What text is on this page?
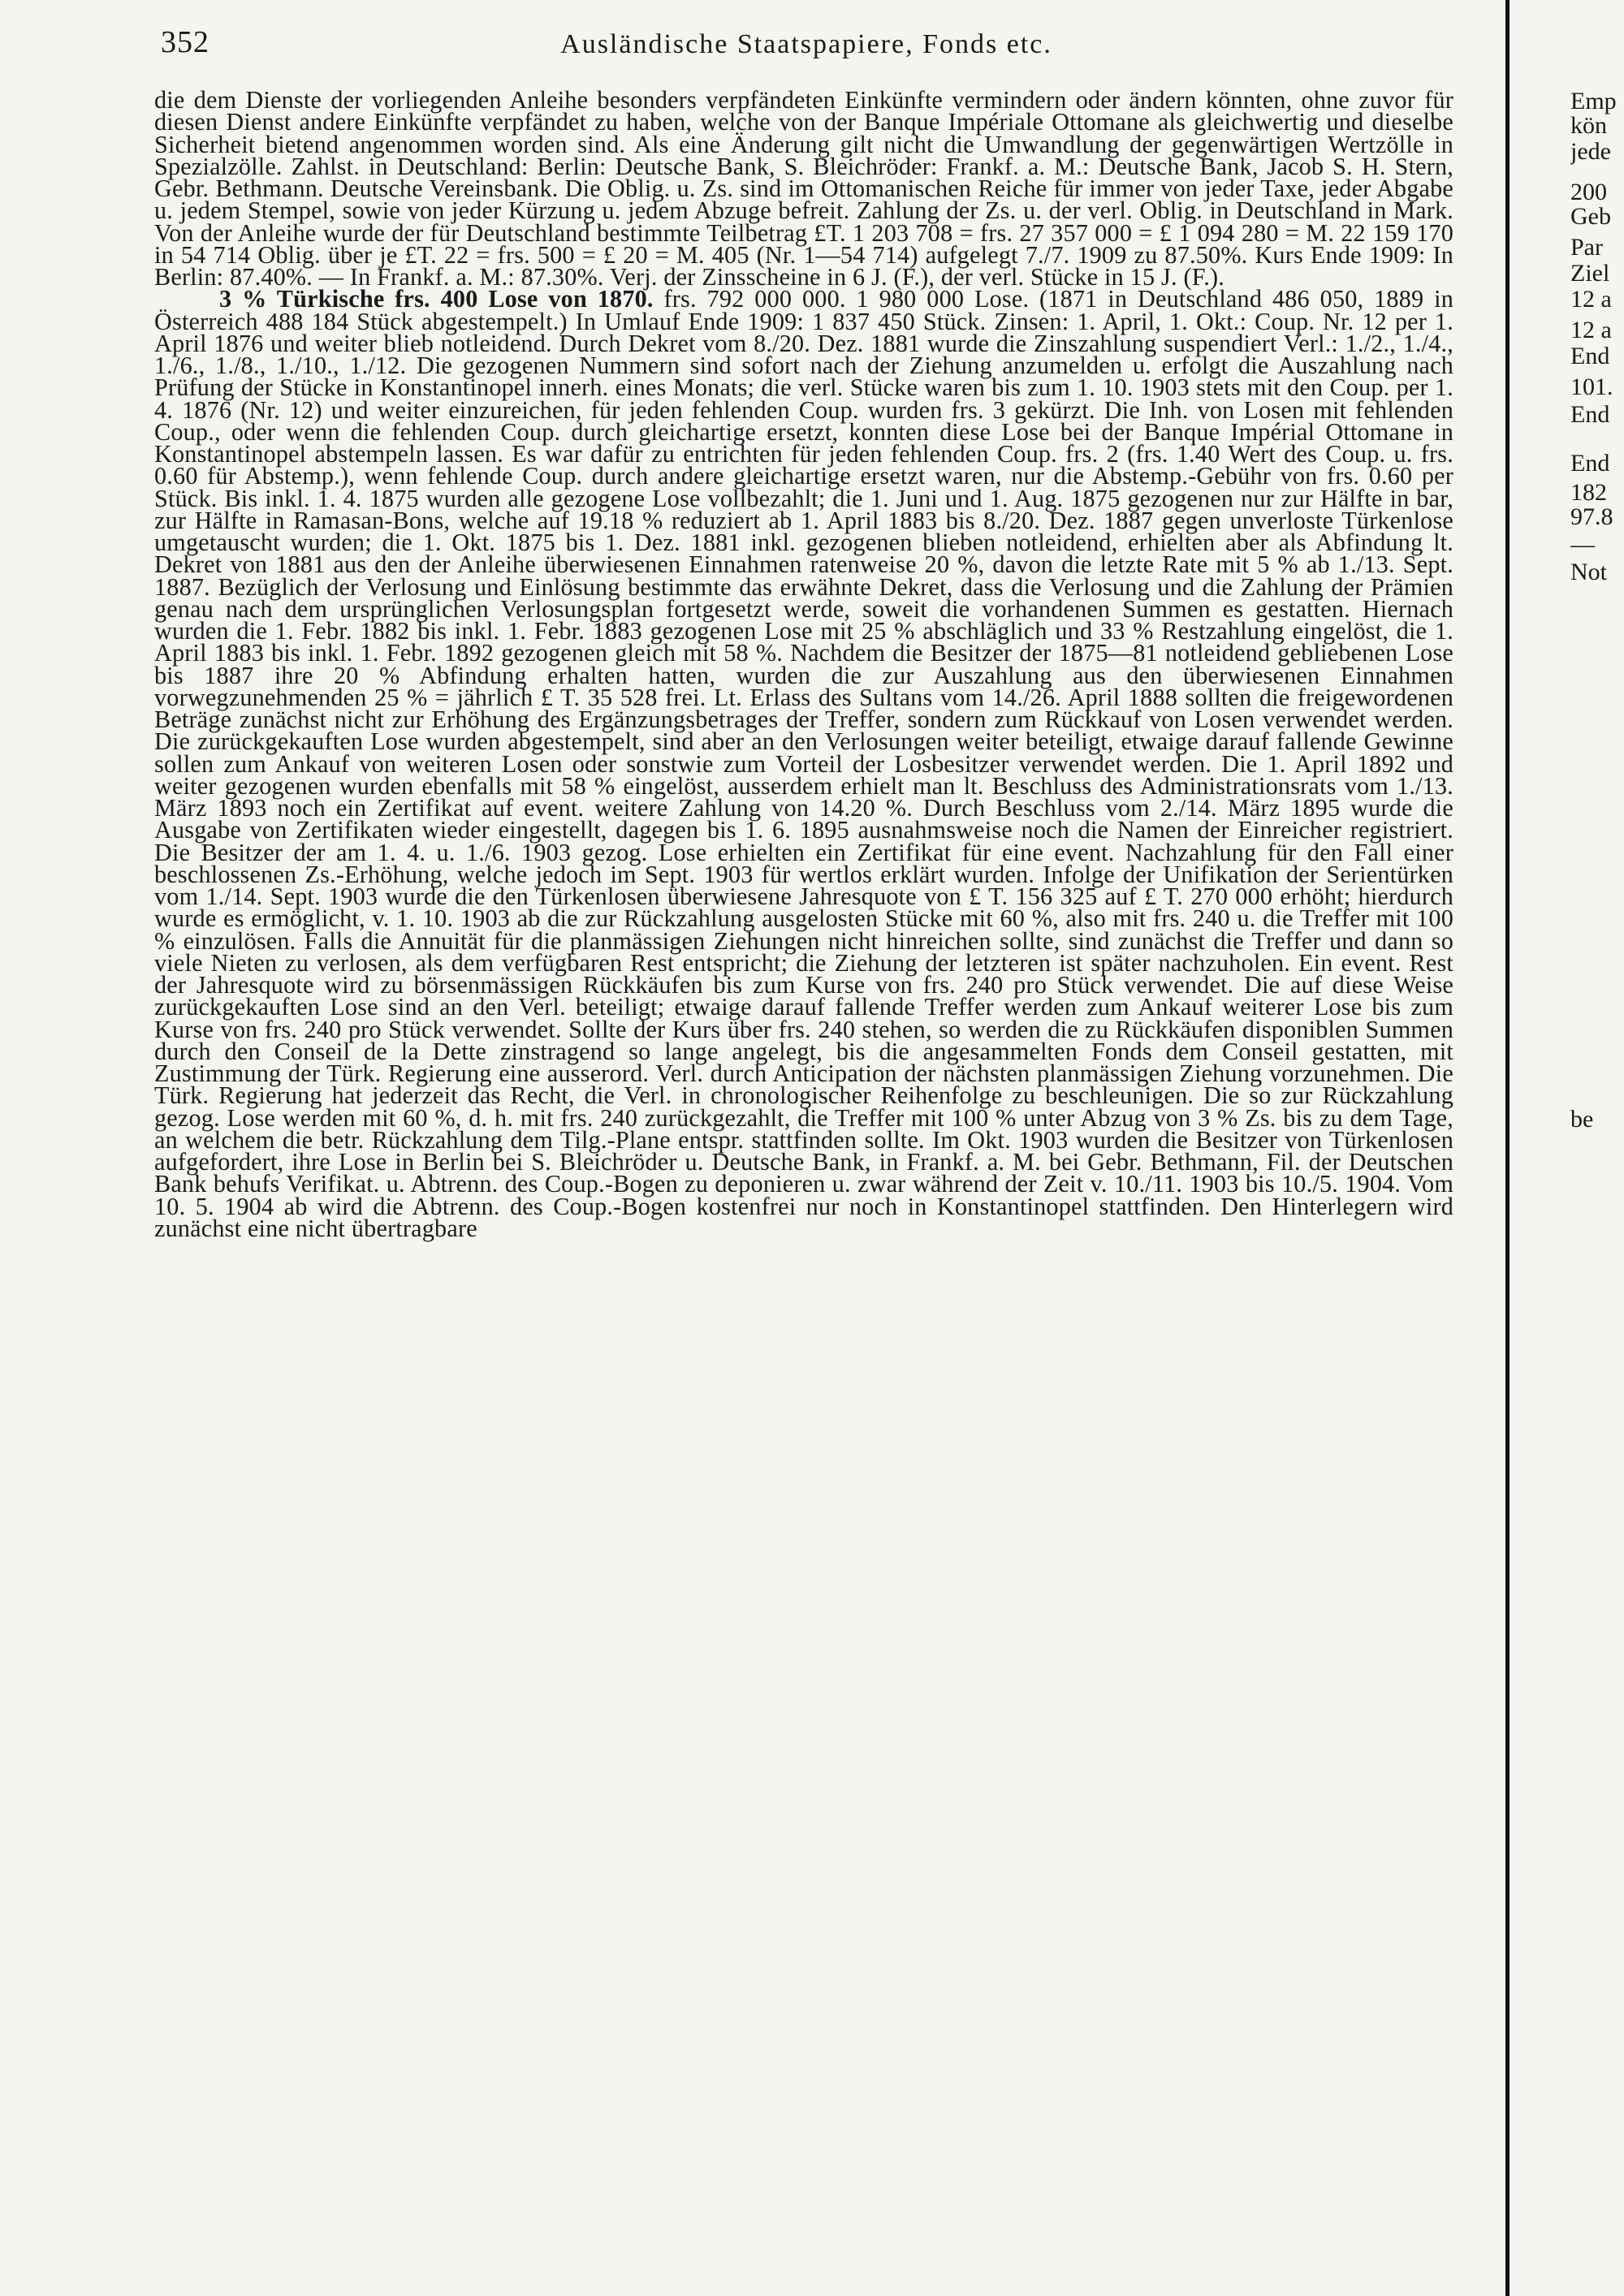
352	Ausländische Staatspapiere, Fonds etc.

die dem Dienste der vorliegenden Anleihe besonders verpfändeten Einkünfte vermindern oder ändern könnten, ohne zuvor für diesen Dienst andere Einkünfte verpfändet zu haben, welche von der Banque Impériale Ottomane als gleichwertig und dieselbe Sicherheit bietend angenommen worden sind. Als eine Änderung gilt nicht die Umwandlung der gegenwärtigen Wertzölle in Spezialzölle. Zahlst. in Deutschland: Berlin: Deutsche Bank, S. Bleichröder: Frankf. a. M.: Deutsche Bank, Jacob S. H. Stern, Gebr. Bethmann. Deutsche Vereinsbank. Die Oblig. u. Zs. sind im Ottomanischen Reiche für immer von jeder Taxe, jeder Abgabe u. jedem Stempel, sowie von jeder Kürzung u. jedem Abzuge befreit. Zahlung der Zs. u. der verl. Oblig. in Deutschland in Mark. Von der Anleihe wurde der für Deutschland bestimmte Teilbetrag £T. 1 203 708 = frs. 27 357 000 = £ 1 094 280 = M. 22 159 170 in 54 714 Oblig. über je £T. 22 = frs. 500 = £ 20 = M. 405 (Nr. 1—54 714) aufgelegt 7./7. 1909 zu 87.50%. Kurs Ende 1909: In Berlin: 87.40%. — In Frankf. a. M.: 87.30%. Verj. der Zinsscheine in 6 J. (F.), der verl. Stücke in 15 J. (F.).

3 % Türkische frs. 400 Lose von 1870. frs. 792 000 000. 1 980 000 Lose. (1871 in Deutschland 486 050, 1889 in Österreich 488 184 Stück abgestempelt.) In Umlauf Ende 1909: 1 837 450 Stück. Zinsen: 1. April, 1. Okt.: Coup. Nr. 12 per 1. April 1876 und weiter blieb notleidend. Durch Dekret vom 8./20. Dez. 1881 wurde die Zinszahlung suspendiert Verl.: 1./2., 1./4., 1./6., 1./8., 1./10., 1./12. Die gezogenen Nummern sind sofort nach der Ziehung anzumelden u. erfolgt die Auszahlung nach Prüfung der Stücke in Konstantinopel innerh. eines Monats; die verl. Stücke waren bis zum 1. 10. 1903 stets mit den Coup. per 1. 4. 1876 (Nr. 12) und weiter einzureichen, für jeden fehlenden Coup. wurden frs. 3 gekürzt. Die Inh. von Losen mit fehlenden Coup., oder wenn die fehlenden Coup. durch gleichartige ersetzt, konnten diese Lose bei der Banque Impérial Ottomane in Konstantinopel abstempeln lassen. Es war dafür zu entrichten für jeden fehlenden Coup. frs. 2 (frs. 1.40 Wert des Coup. u. frs. 0.60 für Abstemp.), wenn fehlende Coup. durch andere gleichartige ersetzt waren, nur die Abstemp.-Gebühr von frs. 0.60 per Stück. Bis inkl. 1. 4. 1875 wurden alle gezogene Lose vollbezahlt; die 1. Juni und 1. Aug. 1875 gezogenen nur zur Hälfte in bar, zur Hälfte in Ramasan-Bons, welche auf 19.18 % reduziert ab 1. April 1883 bis 8./20. Dez. 1887 gegen unverloste Türkenlose umgetauscht wurden; die 1. Okt. 1875 bis 1. Dez. 1881 inkl. gezogenen blieben notleidend, erhielten aber als Abfindung lt. Dekret von 1881 aus den der Anleihe überwiesenen Einnahmen ratenweise 20 %, davon die letzte Rate mit 5 % ab 1./13. Sept. 1887. Bezüglich der Verlosung und Einlösung bestimmte das erwähnte Dekret, dass die Verlosung und die Zahlung der Prämien genau nach dem ursprünglichen Verlosungsplan fortgesetzt werde, soweit die vorhandenen Summen es gestatten. Hiernach wurden die 1. Febr. 1882 bis inkl. 1. Febr. 1883 gezogenen Lose mit 25 % abschläglich und 33 % Restzahlung eingelöst, die 1. April 1883 bis inkl. 1. Febr. 1892 gezogenen gleich mit 58 %. Nachdem die Besitzer der 1875—81 notleidend gebliebenen Lose bis 1887 ihre 20 % Abfindung erhalten hatten, wurden die zur Auszahlung aus den überwiesenen Einnahmen vorwegzunehmenden 25 % = jährlich £ T. 35 528 frei. Lt. Erlass des Sultans vom 14./26. April 1888 sollten die freigewordenen Beträge zunächst nicht zur Erhöhung des Ergänzungsbetrages der Treffer, sondern zum Rückkauf von Losen verwendet werden. Die zurückgekauften Lose wurden abgestempelt, sind aber an den Verlosungen weiter beteiligt, etwaige darauf fallende Gewinne sollen zum Ankauf von weiteren Losen oder sonstwie zum Vorteil der Losbesitzer verwendet werden. Die 1. April 1892 und weiter gezogenen wurden ebenfalls mit 58 % eingelöst, ausserdem erhielt man lt. Beschluss des Administrationsrats vom 1./13. März 1893 noch ein Zertifikat auf event. weitere Zahlung von 14.20 %. Durch Beschluss vom 2./14. März 1895 wurde die Ausgabe von Zertifikaten wieder eingestellt, dagegen bis 1. 6. 1895 ausnahmsweise noch die Namen der Einreicher registriert. Die Besitzer der am 1. 4. u. 1./6. 1903 gezog. Lose erhielten ein Zertifikat für eine event. Nachzahlung für den Fall einer beschlossenen Zs.-Erhöhung, welche jedoch im Sept. 1903 für wertlos erklärt wurden. Infolge der Unifikation der Serientürken vom 1./14. Sept. 1903 wurde die den Türkenlosen überwiesene Jahresquote von £ T. 156 325 auf £ T. 270 000 erhöht; hierdurch wurde es ermöglicht, v. 1. 10. 1903 ab die zur Rückzahlung ausgelosten Stücke mit 60 %, also mit frs. 240 u. die Treffer mit 100 % einzulösen. Falls die Annuität für die planmässigen Ziehungen nicht hinreichen sollte, sind zunächst die Treffer und dann so viele Nieten zu verlosen, als dem verfügbaren Rest entspricht; die Ziehung der letzteren ist später nachzuholen. Ein event. Rest der Jahresquote wird zu börsenmässigen Rückkäufen bis zum Kurse von frs. 240 pro Stück verwendet. Die auf diese Weise zurückgekauften Lose sind an den Verl. beteiligt; etwaige darauf fallende Treffer werden zum Ankauf weiterer Lose bis zum Kurse von frs. 240 pro Stück verwendet. Sollte der Kurs über frs. 240 stehen, so werden die zu Rückkäufen disponiblen Summen durch den Conseil de la Dette zinstragend so lange angelegt, bis die angesammelten Fonds dem Conseil gestatten, mit Zustimmung der Türk. Regierung eine ausserord. Verl. durch Anticipation der nächsten planmässigen Ziehung vorzunehmen. Die Türk. Regierung hat jederzeit das Recht, die Verl. in chronologischer Reihenfolge zu beschleunigen. Die so zur Rückzahlung gezog. Lose werden mit 60 %, d. h. mit frs. 240 zurückgezahlt, die Treffer mit 100 % unter Abzug von 3 % Zs. bis zu dem Tage, an welchem die betr. Rückzahlung dem Tilg.-Plane entspr. stattfinden sollte. Im Okt. 1903 wurden die Besitzer von Türkenlosen aufgefordert, ihre Lose in Berlin bei S. Bleichröder u. Deutsche Bank, in Frankf. a. M. bei Gebr. Bethmann, Fil. der Deutschen Bank behufs Verifikat. u. Abtrenn. des Coup.-Bogen zu deponieren u. zwar während der Zeit v. 10./11. 1903 bis 10./5. 1904. Vom 10. 5. 1904 ab wird die Abtrenn. des Coup.-Bogen kostenfrei nur noch in Konstantinopel stattfinden. Den Hinterlegern wird zunächst eine nicht übertragbare

Emp
kön
jede
200
Geb
Par
Ziel
12 a
12 a
End
101.
End
End
182
97.8
—
Not
be
